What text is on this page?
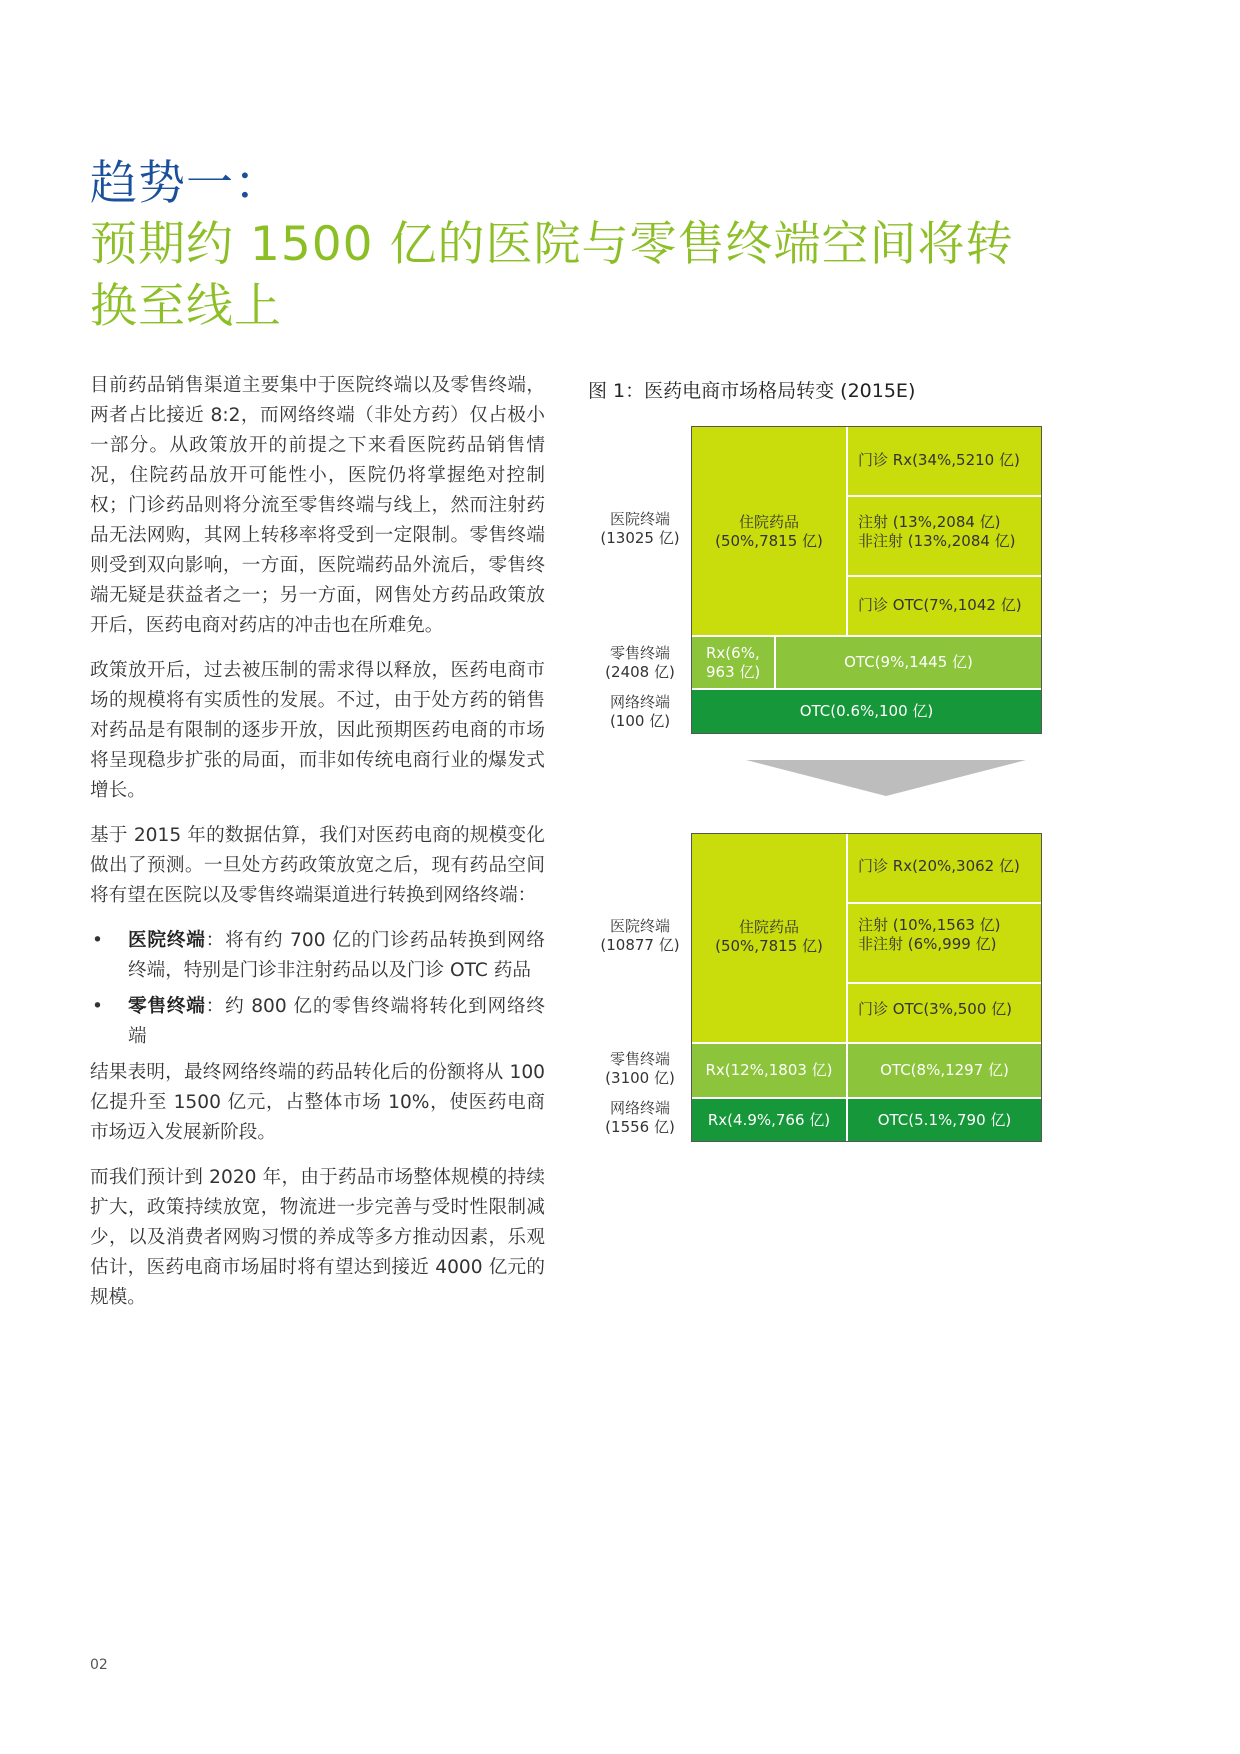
趋势一：
预期约 1500 亿的医院与零售终端空间将转换至线上

目前药品销售渠道主要集中于医院终端以及零售终端，两者占比接近 8:2，而网络终端（非处方药）仅占极小一部分。从政策放开的前提之下来看医院药品销售情况，住院药品放开可能性小，医院仍将掌握绝对控制权；门诊药品则将分流至零售终端与线上，然而注射药品无法网购，其网上转移率将受到一定限制。零售终端则受到双向影响，一方面，医院端药品外流后，零售终端无疑是获益者之一；另一方面，网售处方药品政策放开后，医药电商对药店的冲击也在所难免。

政策放开后，过去被压制的需求得以释放，医药电商市场的规模将有实质性的发展。不过，由于处方药的销售对药品是有限制的逐步开放，因此预期医药电商的市场将呈现稳步扩张的局面，而非如传统电商行业的爆发式增长。

基于 2015 年的数据估算，我们对医药电商的规模变化做出了预测。一旦处方药政策放宽之后，现有药品空间将有望在医院以及零售终端渠道进行转换到网络终端：

• 医院终端：将有约 700 亿的门诊药品转换到网络终端，特别是门诊非注射药品以及门诊 OTC 药品
• 零售终端：约 800 亿的零售终端将转化到网络终端

结果表明，最终网络终端的药品转化后的份额将从 100 亿提升至 1500 亿元，占整体市场 10%，使医药电商市场迈入发展新阶段。

而我们预计到 2020 年，由于药品市场整体规模的持续扩大，政策持续放宽，物流进一步完善与受时性限制减少，以及消费者网购习惯的养成等多方推动因素，乐观估计，医药电商市场届时将有望达到接近 4000 亿元的规模。

图 1：医药电商市场格局转变 (2015E)
医院终端
(13025 亿)
零售终端
(2408 亿)
网络终端
(100 亿)
住院药品
(50%,7815 亿)
门诊 Rx(34%,5210 亿)
注射 (13%,2084 亿)
非注射 (13%,2084 亿)
门诊 OTC(7%,1042 亿)
Rx(6%,
963 亿)
OTC(9%,1445 亿)
OTC(0.6%,100 亿)
医院终端
(10877 亿)
零售终端
(3100 亿)
网络终端
(1556 亿)
住院药品
(50%,7815 亿)
门诊 Rx(20%,3062 亿)
注射 (10%,1563 亿)
非注射 (6%,999 亿)
门诊 OTC(3%,500 亿)
Rx(12%,1803 亿)	OTC(8%,1297 亿)
Rx(4.9%,766 亿)	OTC(5.1%,790 亿)
02
